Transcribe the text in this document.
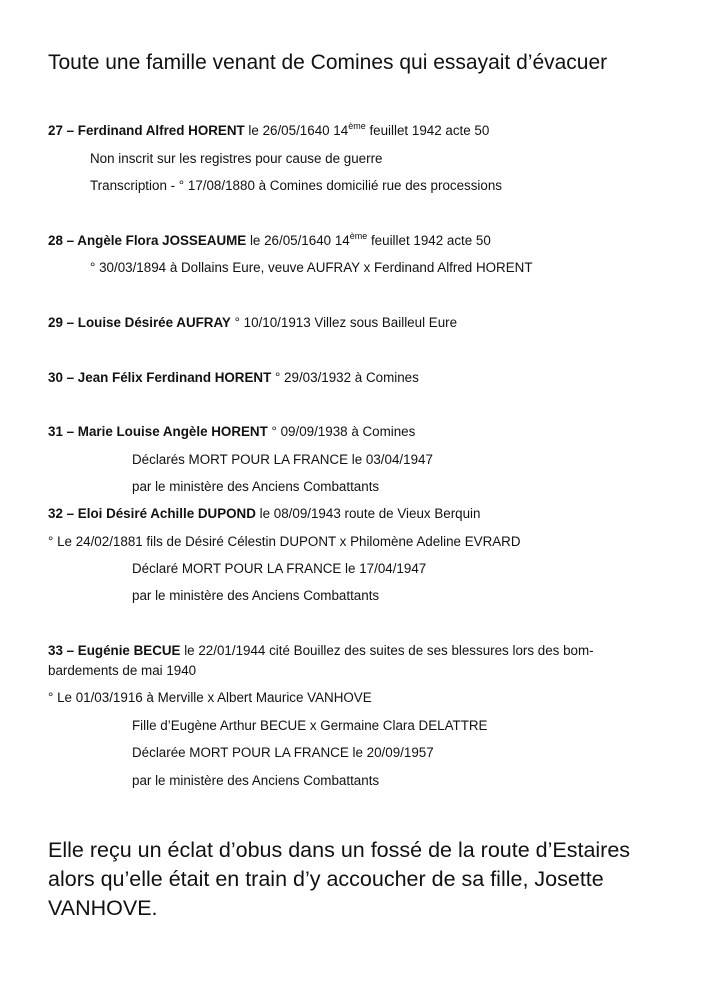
Toute une famille venant de Comines qui essayait d’évacuer
27 – Ferdinand Alfred HORENT le 26/05/1640 14ème feuillet 1942 acte 50
Non inscrit sur les registres pour cause de guerre
Transcription - ° 17/08/1880 à Comines domicilié rue des processions
28 – Angèle Flora JOSSEAUME le 26/05/1640 14ème feuillet 1942 acte 50
° 30/03/1894 à Dollains Eure, veuve AUFRAY x Ferdinand Alfred HORENT
29 – Louise Désirée AUFRAY ° 10/10/1913 Villez sous Bailleul Eure
30 – Jean Félix Ferdinand HORENT ° 29/03/1932 à Comines
31 – Marie Louise Angèle HORENT ° 09/09/1938 à Comines
Déclarés MORT POUR LA FRANCE le 03/04/1947
par le ministère des Anciens Combattants
32 – Eloi Désiré Achille DUPOND le 08/09/1943 route de Vieux Berquin
° Le 24/02/1881 fils de Désiré Célestin DUPONT x Philomène Adeline EVRARD
Déclaré MORT POUR LA FRANCE le 17/04/1947
par le ministère des Anciens Combattants
33 – Eugénie BECUE le 22/01/1944 cité Bouillez des suites de ses blessures lors des bom-
bardements de mai 1940
° Le 01/03/1916 à Merville x Albert Maurice VANHOVE
Fille d’Eugène Arthur BECUE x Germaine Clara DELATTRE
Déclarée MORT POUR LA FRANCE le 20/09/1957
par le ministère des Anciens Combattants
Elle reçu un éclat d’obus dans un fossé de la route d’Estaires alors qu’elle était en train d’y accoucher de sa fille, Josette VANHOVE.
